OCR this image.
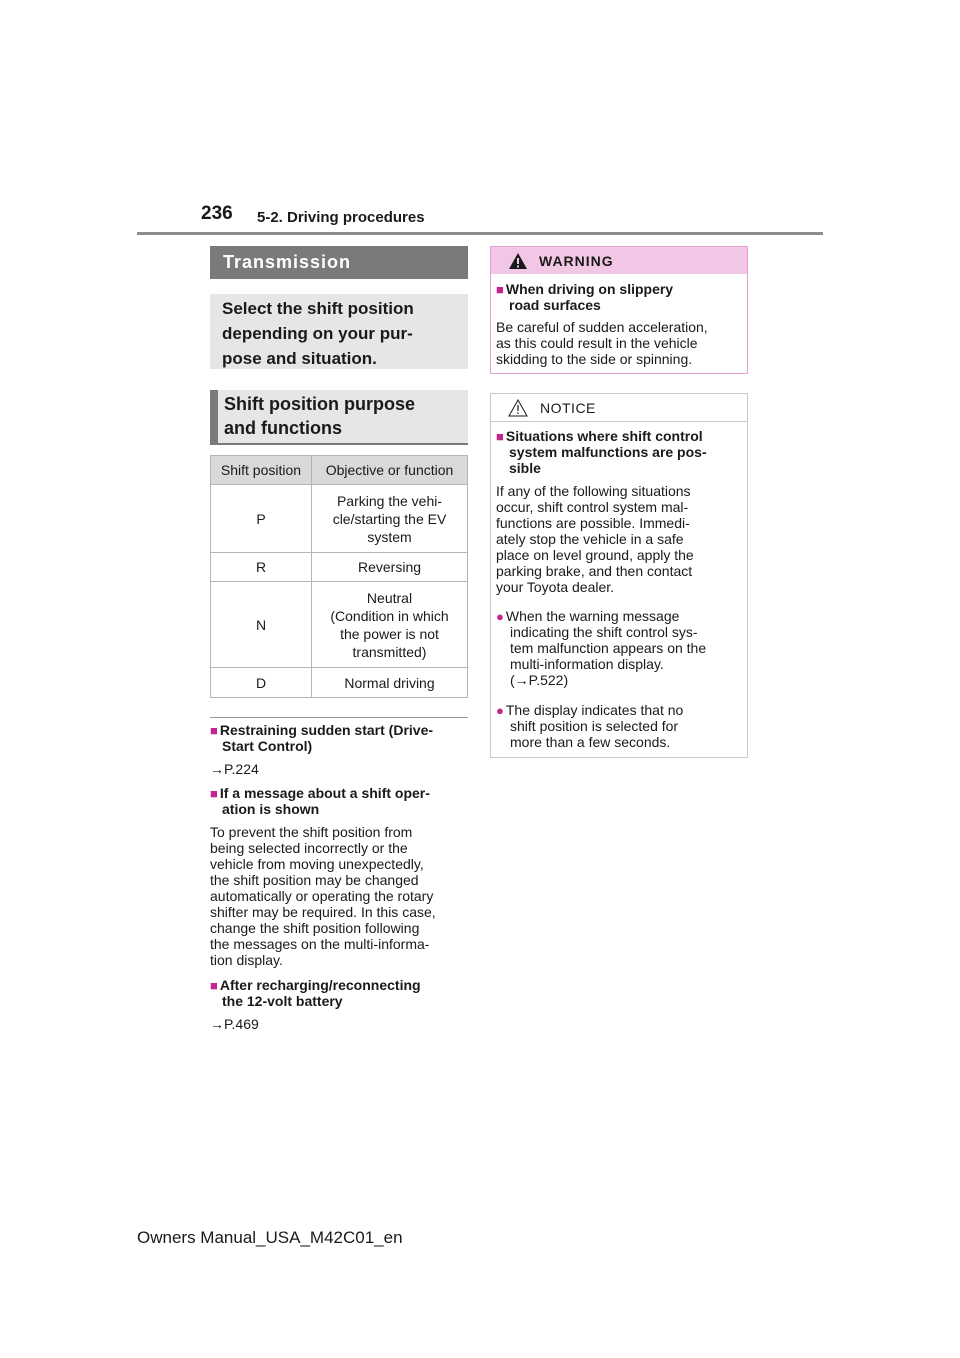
236 5-2. Driving procedures
Transmission
Select the shift position
depending on your pur-
pose and situation.
Shift position purpose
and functions
Shift position	Objective or function
P	Parking the vehi-
cle/starting the EV
system

R	Reversing
N	Neutral
(Condition in which
the power is not
transmitted)

D	Normal driving
■ Restraining sudden start (Drive-
Start Control)
→P.224
■ If a message about a shift oper-
ation is shown
To prevent the shift position from
being selected incorrectly or the
vehicle from moving unexpectedly,
the shift position may be changed
automatically or operating the rotary
shifter may be required. In this case,
change the shift position following
the messages on the multi-informa-
tion display.
■ After recharging/reconnecting
the 12-volt battery
→P.469
WARNING
■ When driving on slippery
road surfaces
Be careful of sudden acceleration,
as this could result in the vehicle
skidding to the side or spinning.
NOTICE
■ Situations where shift control
system malfunctions are pos-
sible
If any of the following situations
occur, shift control system mal-
functions are possible. Immedi-
ately stop the vehicle in a safe
place on level ground, apply the
parking brake, and then contact
your Toyota dealer.
● When the warning message
indicating the shift control sys-
tem malfunction appears on the
multi-information display.
(→P.522)
● The display indicates that no
shift position is selected for
more than a few seconds.
Owners Manual_USA_M42C01_en
